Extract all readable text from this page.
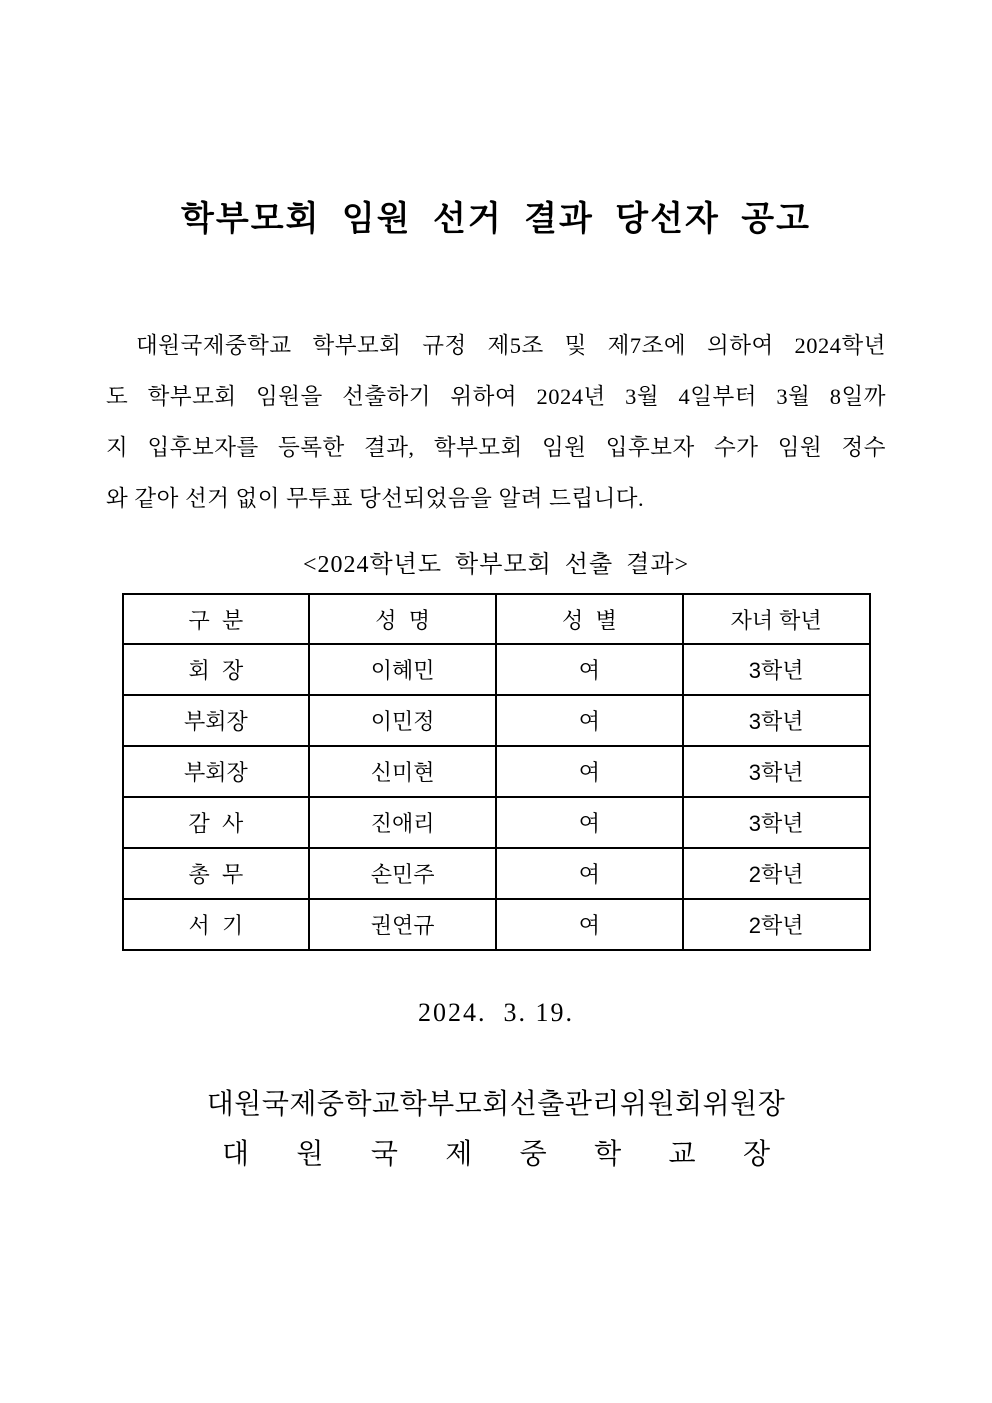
학부모회 임원 선거 결과 당선자 공고
대원국제중학교 학부모회 규정 제5조 및 제7조에 의하여 2024학년
도 학부모회 임원을 선출하기 위하여 2024년 3월 4일부터 3월 8일까
지 입후보자를 등록한 결과, 학부모회 임원 입후보자 수가 임원 정수
와 같아 선거 없이 무투표 당선되었음을 알려 드립니다.
<2024학년도 학부모회 선출 결과>
구  분	성  명	성  별	자녀 학년
회  장	이혜민	여	3학년
부회장	이민정	여	3학년
부회장	신미현	여	3학년
감  사	진애리	여	3학년
총  무	손민주	여	2학년
서  기	권연규	여	2학년
2024.  3. 19.
대원국제중학교학부모회선출관리위원회위원장
대 원 국 제 중 학 교 장
